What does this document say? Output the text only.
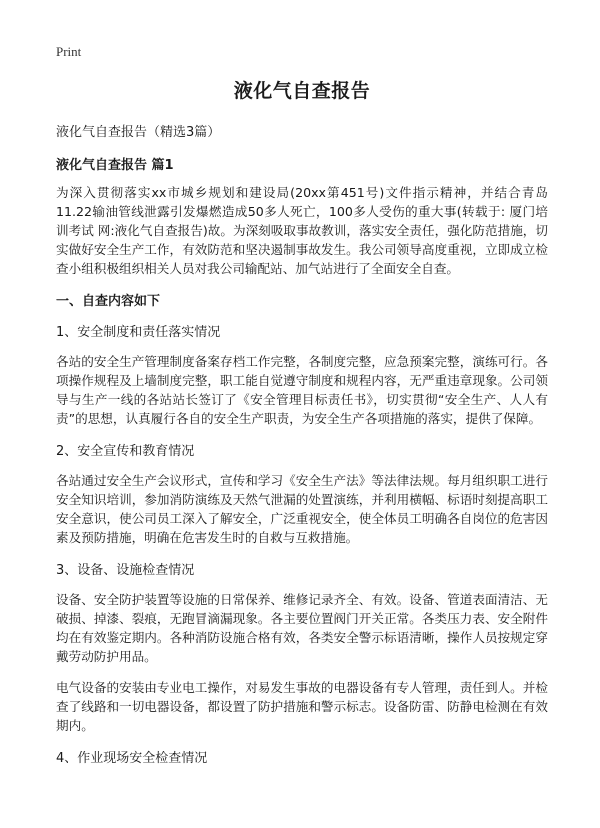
Print
液化气自查报告
液化气自查报告（精选3篇）
液化气自查报告 篇1

为深入贯彻落实xx市城乡规划和建设局(20xx第451号)文件指示精神，并结合青岛11.22输油管线泄露引发爆燃造成50多人死亡，100多人受伤的重大事(转载于: 厦门培训考试 网:液化气自查报告)故。为深刻吸取事故教训，落实安全责任，强化防范措施，切实做好安全生产工作，有效防范和坚决遏制事故发生。我公司领导高度重视，立即成立检查小组积极组织相关人员对我公司输配站、加气站进行了全面安全自查。

一、自查内容如下
1、安全制度和责任落实情况

各站的安全生产管理制度备案存档工作完整，各制度完整，应急预案完整，演练可行。各项操作规程及上墙制度完整，职工能自觉遵守制度和规程内容，无严重违章现象。公司领导与生产一线的各站站长签订了《安全管理目标责任书》，切实贯彻“安全生产、人人有责”的思想，认真履行各自的安全生产职责，为安全生产各项措施的落实，提供了保障。

2、安全宣传和教育情况

各站通过安全生产会议形式，宣传和学习《安全生产法》等法律法规。每月组织职工进行安全知识培训，参加消防演练及天然气泄漏的处置演练，并利用横幅、标语时刻提高职工安全意识，使公司员工深入了解安全，广泛重视安全，使全体员工明确各自岗位的危害因素及预防措施，明确在危害发生时的自救与互救措施。

3、设备、设施检查情况

设备、安全防护装置等设施的日常保养、维修记录齐全、有效。设备、管道表面清洁、无破损、掉漆、裂痕，无跑冒滴漏现象。各主要位置阀门开关正常。各类压力表、安全附件均在有效鉴定期内。各种消防设施合格有效，各类安全警示标语清晰，操作人员按规定穿戴劳动防护用品。

电气设备的安装由专业电工操作，对易发生事故的电器设备有专人管理，责任到人。并检查了线路和一切电器设备，都设置了防护措施和警示标志。设备防雷、防静电检测在有效期内。

4、作业现场安全检查情况
